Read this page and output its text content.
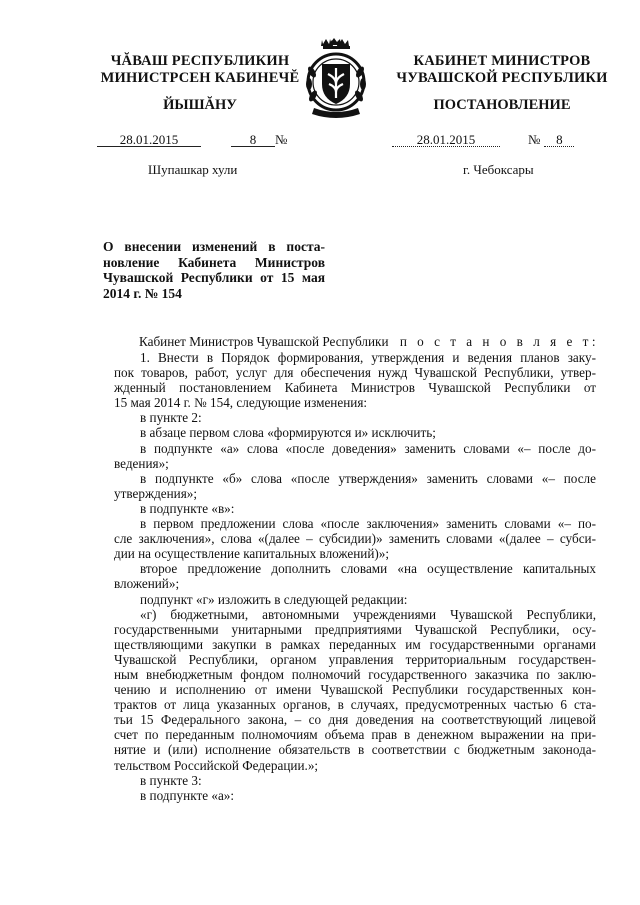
ЧĂВАШ РЕСПУБЛИКИН
МИНИСТРСЕН КАБИНЕЧĔ
ЙЫШĂНУ
КАБИНЕТ МИНИСТРОВ
ЧУВАШСКОЙ РЕСПУБЛИКИ
ПОСТАНОВЛЕНИЕ
28.01.2015	8 №
Шупашкар хули
28.01.2015	№ 8
г. Чебоксары
О внесении изменений в поста-
новление Кабинета Министров
Чувашской Республики от 15 мая
2014 г. № 154
Кабинет Министров Чувашской Республики п о с т а н о в л я е т:
1. Внести в Порядок формирования, утверждения и ведения планов заку-
пок товаров, работ, услуг для обеспечения нужд Чувашской Республики, утвер-
жденный постановлением Кабинета Министров Чувашской Республики от
15 мая 2014 г. № 154, следующие изменения:
в пункте 2:
в абзаце первом слова «формируются и» исключить;
в подпункте «а» слова «после доведения» заменить словами «– после до-
ведения»;
в подпункте «б» слова «после утверждения» заменить словами «– после
утверждения»;
в подпункте «в»:
в первом предложении слова «после заключения» заменить словами «– по-
сле заключения», слова «(далее – субсидии)» заменить словами «(далее – субси-
дии на осуществление капитальных вложений)»;
второе предложение дополнить словами «на осуществление капитальных
вложений»;
подпункт «г» изложить в следующей редакции:
«г) бюджетными, автономными учреждениями Чувашской Республики,
государственными унитарными предприятиями Чувашской Республики, осу-
ществляющими закупки в рамках переданных им государственными органами
Чувашской Республики, органом управления территориальным государствен-
ным внебюджетным фондом полномочий государственного заказчика по заклю-
чению и исполнению от имени Чувашской Республики государственных кон-
трактов от лица указанных органов, в случаях, предусмотренных частью 6 ста-
тьи 15 Федерального закона, – со дня доведения на соответствующий лицевой
счет по переданным полномочиям объема прав в денежном выражении на при-
нятие и (или) исполнение обязательств в соответствии с бюджетным законода-
тельством Российской Федерации.»;
в пункте 3:
в подпункте «а»:
